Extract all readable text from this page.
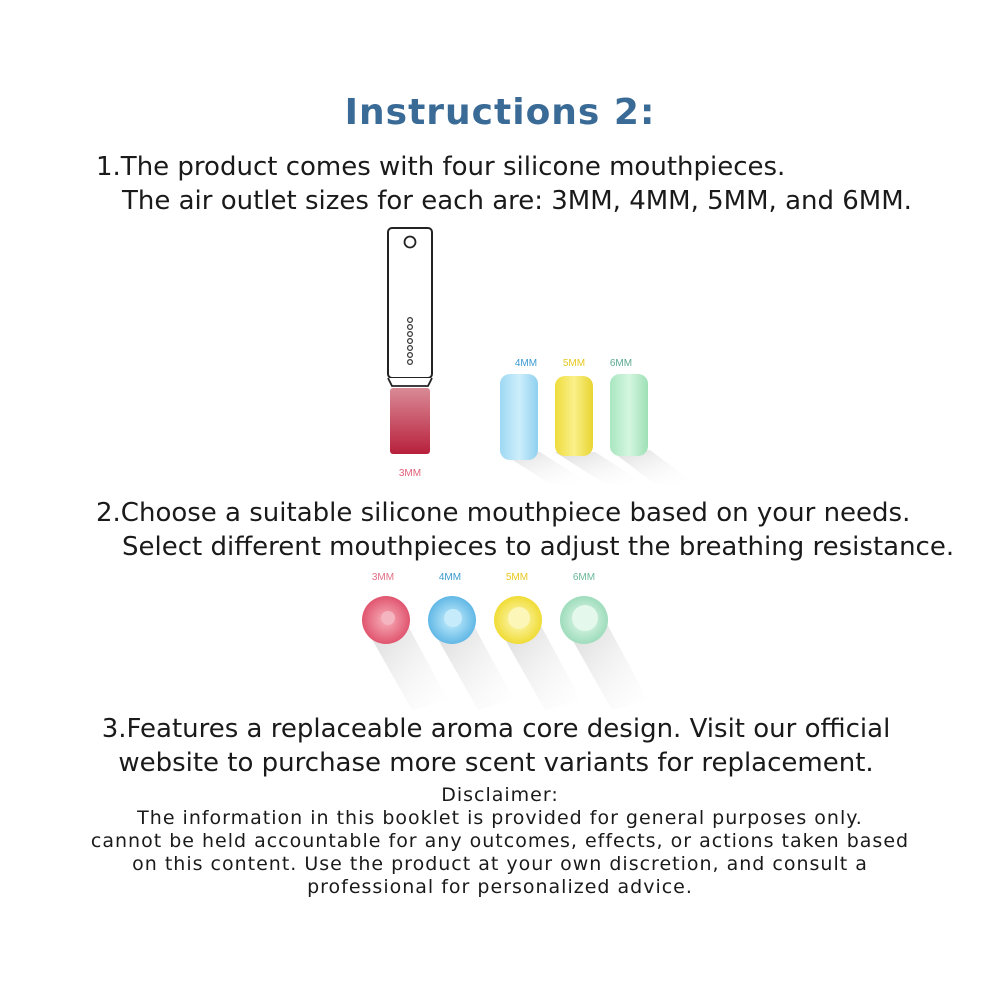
Instructions 2:
1.The product comes with four silicone mouthpieces.
The air outlet sizes for each are: 3MM, 4MM, 5MM, and 6MM.
3MM
4MM	5MM 6MM
2.Choose a suitable silicone mouthpiece based on your needs.
Select different mouthpieces to adjust the breathing resistance.
3MM	4MM	5MM	6MM
3.Features a replaceable aroma core design. Visit our official
website to purchase more scent variants for replacement.
Disclaimer:
The information in this booklet is provided for general purposes only.
cannot be held accountable for any outcomes, effects, or actions taken based
on this content. Use the product at your own discretion, and consult a
professional for personalized advice.
